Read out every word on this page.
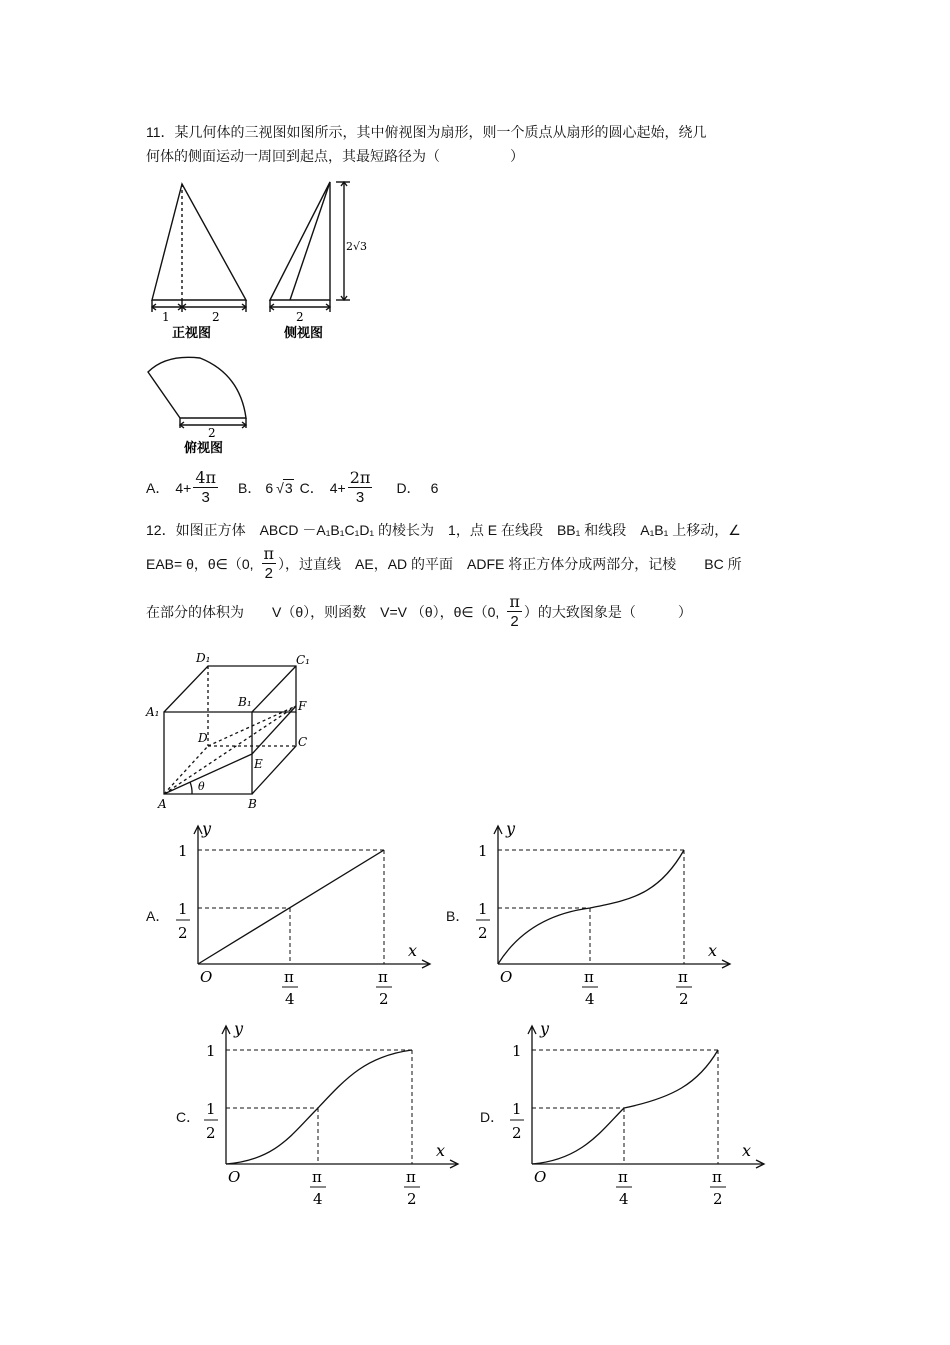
11．某几何体的三视图如图所示，其中俯视图为扇形，则一个质点从扇形的圆心起始，绕几
何体的侧面运动一周回到起点，其最短路径为（　　　　　）
1	2
正视图
2
2√3
侧视图
2
俯视图
A． $4+ \frac{4\pi}{3}$ B． 6
√ 3 C． $4+ \frac{2\pi}{3}$ D． 6
12．如图正方体　ABCD －A₁B₁C₁D₁ 的棱长为　1，点 E 在线段　BB₁ 和线段　A₁B₁ 上移动，∠
EAB= θ，θ∈（0, $\frac{\pi}{2}$ ），过直线　AE，AD 的平面　ADFE 将正方体分成两部分，记棱　　BC 所
在部分的体积为　　V（θ），则函数　V=V （θ），θ∈（0, $\frac{\pi}{2}$ ）的大致图象是（　　　）
D₁	C₁
A₁
B₁	F
D	C
E
A	B
θ
A．
y
x
O
1
1
2
π
4
π
2
B．
y
x
O
1
1
2
π
4
π
2
C．
y
x
O
1
1
2
π
4
π
2
D．
y
x
O
1
1
2
π
4
π
2
